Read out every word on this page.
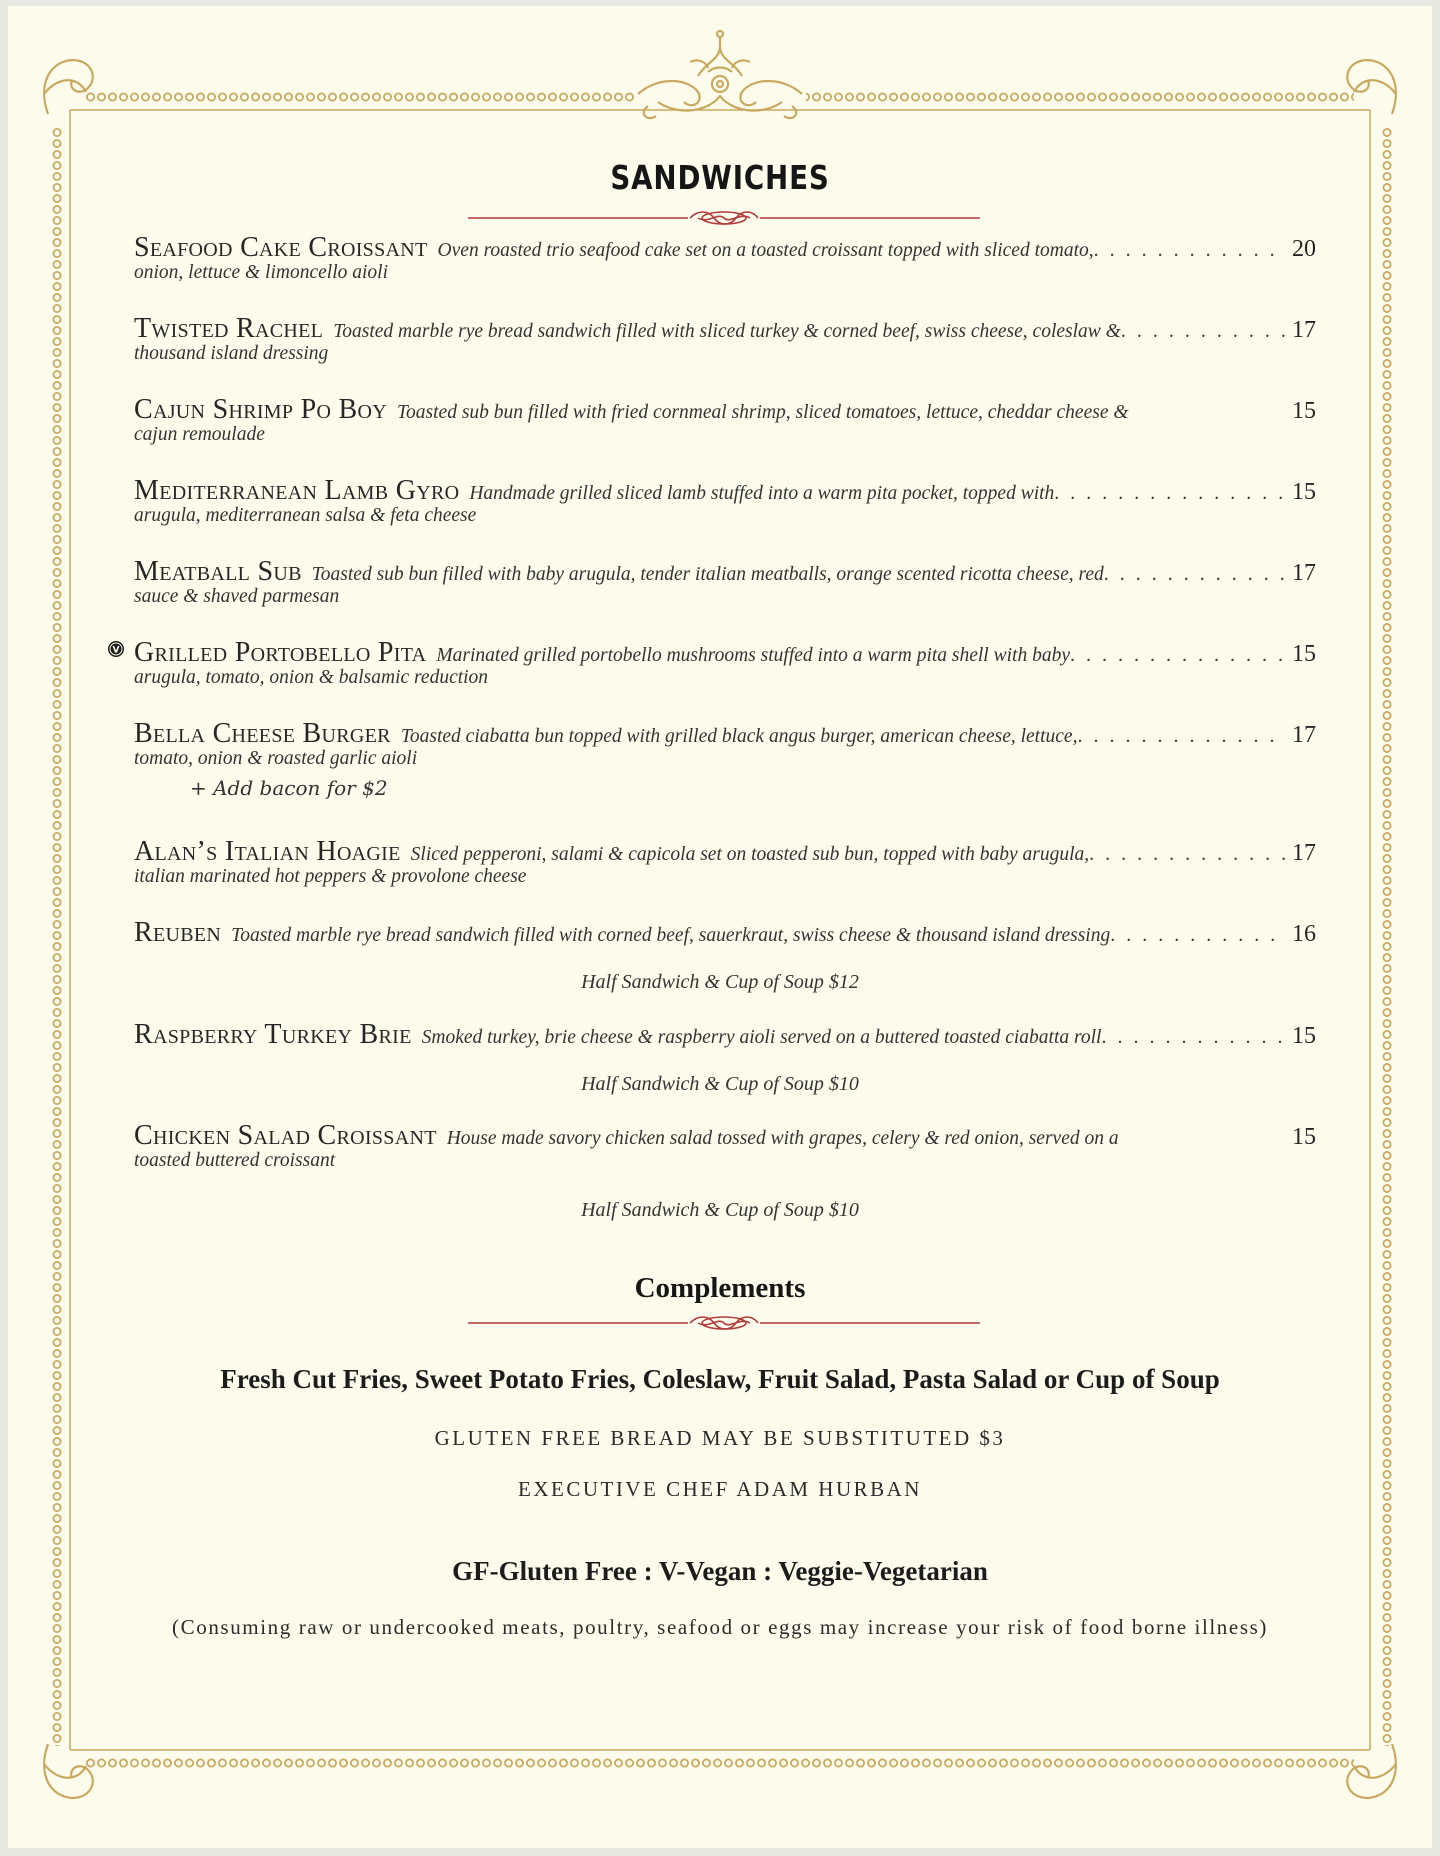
SANDWICHES
Seafood Cake Croissant Oven roasted trio seafood cake set on a toasted croissant topped with sliced tomato, . . .	20
onion, lettuce & limoncello aioli
Twisted Rachel Toasted marble rye bread sandwich filled with sliced turkey & corned beef, swiss cheese, coleslaw & . . .	17
thousand island dressing
Cajun Shrimp Po Boy Toasted sub bun filled with fried cornmeal shrimp, sliced tomatoes, lettuce, cheddar cheese &	15
cajun remoulade
Mediterranean Lamb Gyro Handmade grilled sliced lamb stuffed into a warm pita pocket, topped with . . .	15
arugula, mediterranean salsa & feta cheese
Meatball Sub Toasted sub bun filled with baby arugula, tender italian meatballs, orange scented ricotta cheese, red . . .	17
sauce & shaved parmesan
V Grilled Portobello Pita Marinated grilled portobello mushrooms stuffed into a warm pita shell with baby . . .	15
arugula, tomato, onion & balsamic reduction
Bella Cheese Burger Toasted ciabatta bun topped with grilled black angus burger, american cheese, lettuce, . . .	17
tomato, onion & roasted garlic aioli
+ Add bacon for $2
Alan’s Italian Hoagie Sliced pepperoni, salami & capicola set on toasted sub bun, topped with baby arugula, . . .	17
italian marinated hot peppers & provolone cheese
Reuben Toasted marble rye bread sandwich filled with corned beef, sauerkraut, swiss cheese & thousand island dressing . . .	16
Half Sandwich & Cup of Soup $12
Raspberry Turkey Brie Smoked turkey, brie cheese & raspberry aioli served on a buttered toasted ciabatta roll . . .	15
Half Sandwich & Cup of Soup $10
Chicken Salad Croissant House made savory chicken salad tossed with grapes, celery & red onion, served on a	15
toasted buttered croissant
Half Sandwich & Cup of Soup $10
Complements
Fresh Cut Fries, Sweet Potato Fries, Coleslaw, Fruit Salad, Pasta Salad or Cup of Soup
GLUTEN FREE BREAD MAY BE SUBSTITUTED $3
EXECUTIVE CHEF ADAM HURBAN
GF-Gluten Free : V-Vegan : Veggie-Vegetarian
(Consuming raw or undercooked meats, poultry, seafood or eggs may increase your risk of food borne illness)
